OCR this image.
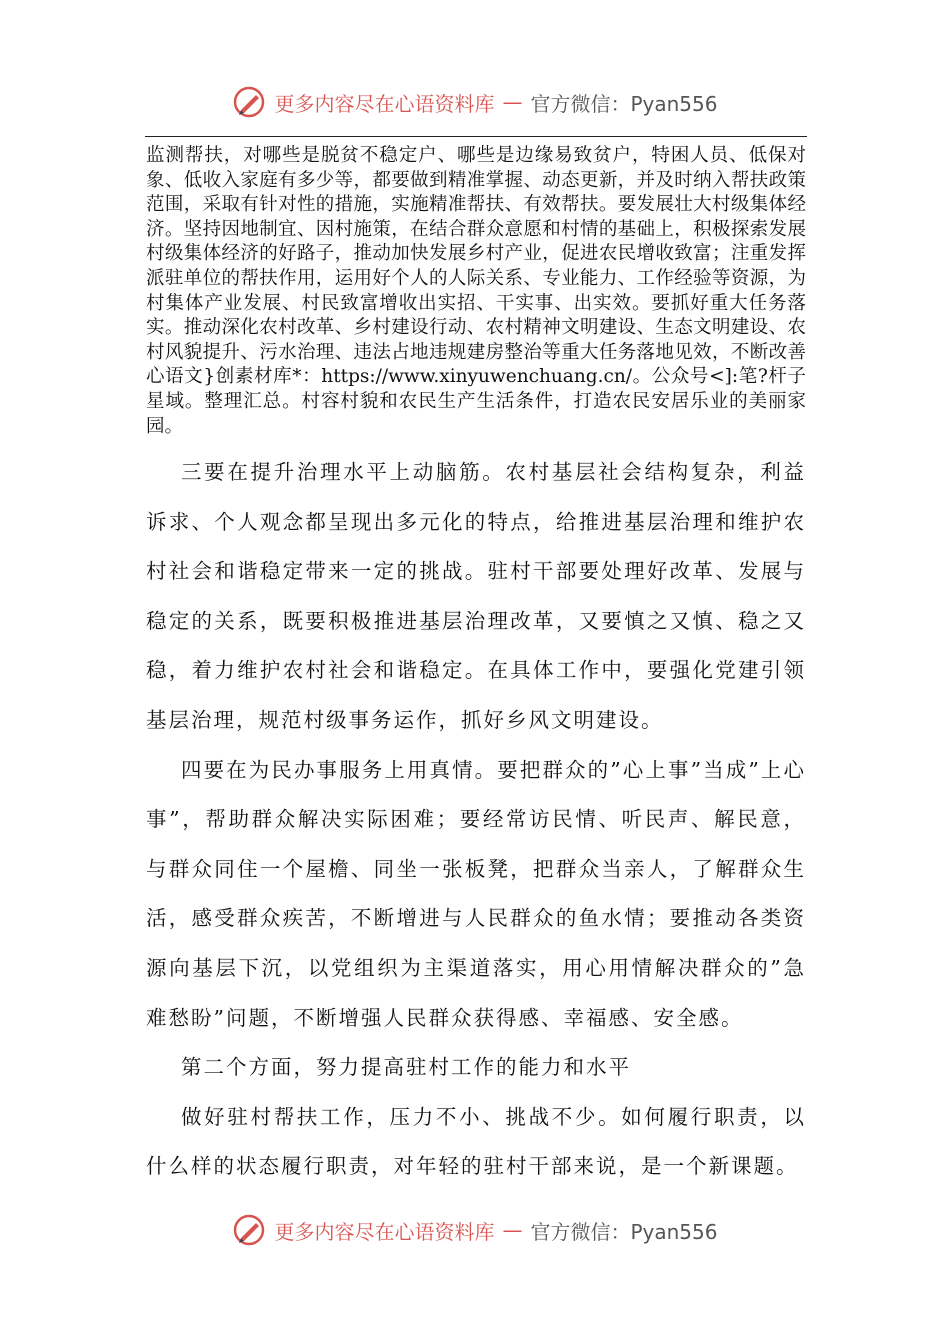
更多内容尽在心语资料库 — 官方微信：Pyan556
监测帮扶，对哪些是脱贫不稳定户、哪些是边缘易致贫户，特困人员、低保对象、低收入家庭有多少等，都要做到精准掌握、动态更新，并及时纳入帮扶政策范围，采取有针对性的措施，实施精准帮扶、有效帮扶。要发展壮大村级集体经济。坚持因地制宜、因村施策，在结合群众意愿和村情的基础上，积极探索发展村级集体经济的好路子，推动加快发展乡村产业，促进农民增收致富；注重发挥派驻单位的帮扶作用，运用好个人的人际关系、专业能力、工作经验等资源，为村集体产业发展、村民致富增收出实招、干实事、出实效。要抓好重大任务落实。推动深化农村改革、乡村建设行动、农村精神文明建设、生态文明建设、农村风貌提升、污水治理、违法占地违规建房整治等重大任务落地见效，不断改善心语文}创素材库*：https://www.xinyuwenchuang.cn/。公众号<]:笔?杆子星域。整理汇总。村容村貌和农民生产生活条件，打造农民安居乐业的美丽家园。

三要在提升治理水平上动脑筋。农村基层社会结构复杂，利益诉求、个人观念都呈现出多元化的特点，给推进基层治理和维护农村社会和谐稳定带来一定的挑战。驻村干部要处理好改革、发展与稳定的关系，既要积极推进基层治理改革，又要慎之又慎、稳之又稳，着力维护农村社会和谐稳定。在具体工作中，要强化党建引领基层治理，规范村级事务运作，抓好乡风文明建设。

四要在为民办事服务上用真情。要把群众的”心上事”当成”上心事”，帮助群众解决实际困难；要经常访民情、听民声、解民意，与群众同住一个屋檐、同坐一张板凳，把群众当亲人，了解群众生活，感受群众疾苦，不断增进与人民群众的鱼水情；要推动各类资源向基层下沉，以党组织为主渠道落实，用心用情解决群众的”急难愁盼”问题，不断增强人民群众获得感、幸福感、安全感。

第二个方面，努力提高驻村工作的能力和水平

做好驻村帮扶工作，压力不小、挑战不少。如何履行职责，以什么样的状态履行职责，对年轻的驻村干部来说，是一个新课题。

更多内容尽在心语资料库 — 官方微信：Pyan556
